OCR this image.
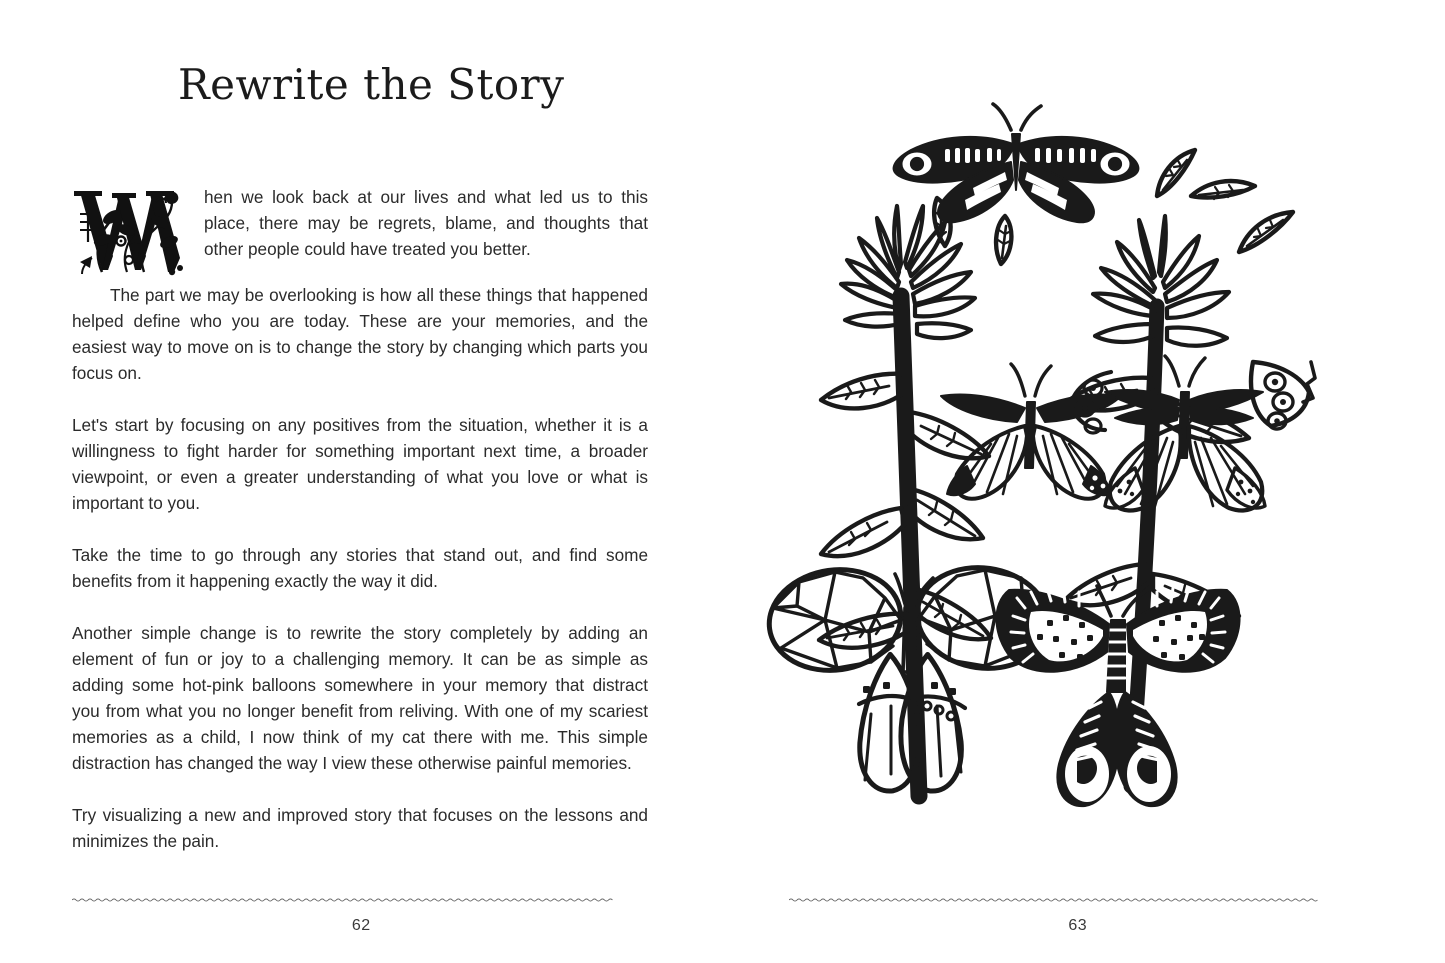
Rewrite the Story

hen we look back at our lives and what led us to this place, there may be regrets, blame, and thoughts that other people could have treated you better.

The part we may be overlooking is how all these things that happened helped define who you are today. These are your memories, and the easiest way to move on is to change the story by changing which parts you focus on.

Let's start by focusing on any positives from the situation, whether it is a willingness to fight harder for something important next time, a broader viewpoint, or even a greater understanding of what you love or what is important to you.

Take the time to go through any stories that stand out, and find some benefits from it happening exactly the way it did.

Another simple change is to rewrite the story completely by adding an element of fun or joy to a challenging memory. It can be as simple as adding some hot-pink balloons somewhere in your memory that distract you from what you no longer benefit from reliving. With one of my scariest memories as a child, I now think of my cat there with me. This simple distraction has changed the way I view these otherwise painful memories.

Try visualizing a new and improved story that focuses on the lessons and minimizes the pain.

62	63
